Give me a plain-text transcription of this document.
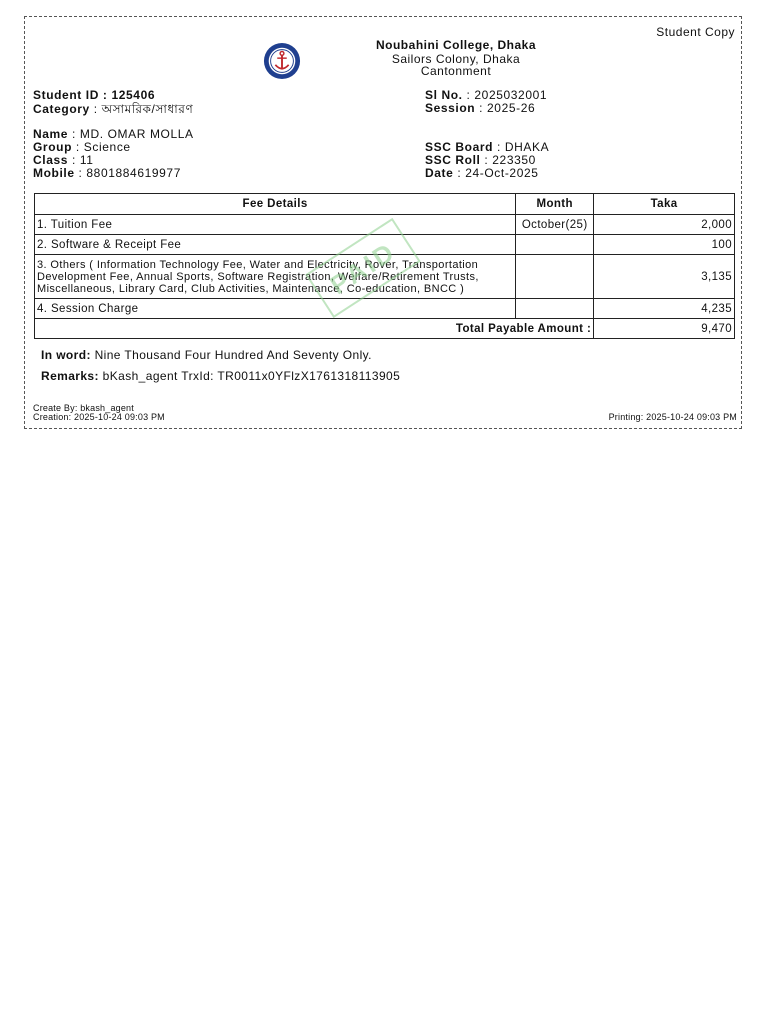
Student Copy
Noubahini College, Dhaka
Sailors Colony, Dhaka
Cantonment
Student ID : 125406
Category : অসামরিক/সাধারণ
Sl No. : 2025032001
Session : 2025-26
Name : MD. OMAR MOLLA
Group : Science
Class : 11
Mobile : 8801884619977
SSC Board : DHAKA
SSC Roll : 223350
Date : 24-Oct-2025
Fee Details	Month	Taka
1. Tuition Fee	October(25)	2,000
2. Software & Receipt Fee		100
3. Others ( Information Technology Fee, Water and Electricity, Rover, Transportation Development Fee, Annual Sports, Software Registration, Welfare/Retirement Trusts, Miscellaneous, Library Card, Club Activities, Maintenance, Co-education, BNCC )		3,135
4. Session Charge		4,235
Total Payable Amount :		9,470
PAID
In word: Nine Thousand Four Hundred And Seventy Only.
Remarks: bKash_agent TrxId: TR0011x0YFlzX1761318113905
Create By: bkash_agent
Creation: 2025-10-24 09:03 PM	Printing: 2025-10-24 09:03 PM
